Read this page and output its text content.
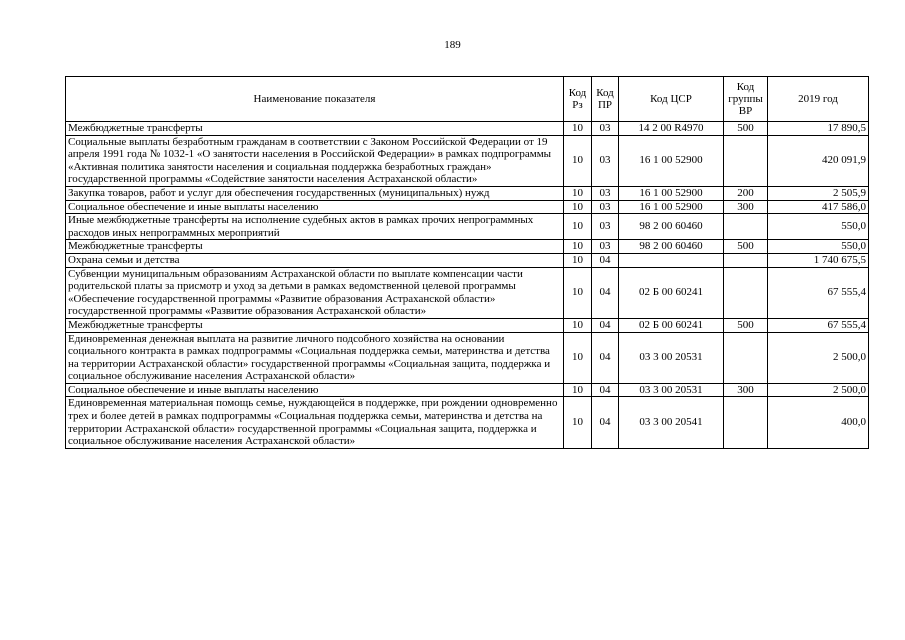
189
Наименование показателя	Код Рз	Код ПР	Код ЦСР	Код группы ВР	2019 год
Межбюджетные трансферты	10	03	14 2 00 R4970	500	17 890,5
Социальные выплаты безработным гражданам в соответствии с Законом Российской Федерации от 19 апреля 1991 года № 1032-1 «О занятости населения в Российской Федерации» в рамках подпрограммы «Активная политика занятости населения и социальная поддержка безработных граждан» государственной программы «Содействие занятости населения Астраханской области»	10	03	16 1 00 52900		420 091,9
Закупка товаров, работ и услуг для обеспечения государственных (муниципальных) нужд	10	03	16 1 00 52900	200	2 505,9
Социальное обеспечение и иные выплаты населению	10	03	16 1 00 52900	300	417 586,0
Иные межбюджетные трансферты на исполнение судебных актов в рамках прочих непрограммных расходов иных непрограммных мероприятий	10	03	98 2 00 60460		550,0
Межбюджетные трансферты	10	03	98 2 00 60460	500	550,0
Охрана семьи и детства	10	04			1 740 675,5
Субвенции муниципальным образованиям Астраханской области по выплате компенсации части родительской платы за присмотр и уход за детьми в рамках ведомственной целевой программы «Обеспечение государственной программы «Развитие образования Астраханской области» государственной программы «Развитие образования Астраханской области»	10	04	02 Б 00 60241		67 555,4
Межбюджетные трансферты	10	04	02 Б 00 60241	500	67 555,4
Единовременная денежная выплата на развитие личного подсобного хозяйства на основании социального контракта в рамках подпрограммы «Социальная поддержка семьи, материнства и детства на территории Астраханской области» государственной программы «Социальная защита, поддержка и социальное обслуживание населения Астраханской области»	10	04	03 3 00 20531		2 500,0
Социальное обеспечение и иные выплаты населению	10	04	03 3 00 20531	300	2 500,0
Единовременная материальная помощь семье, нуждающейся в поддержке, при рождении одновременно трех и более детей в рамках подпрограммы «Социальная поддержка семьи, материнства и детства на территории Астраханской области» государственной программы «Социальная защита, поддержка и социальное обслуживание населения Астраханской области»	10	04	03 3 00 20541		400,0
